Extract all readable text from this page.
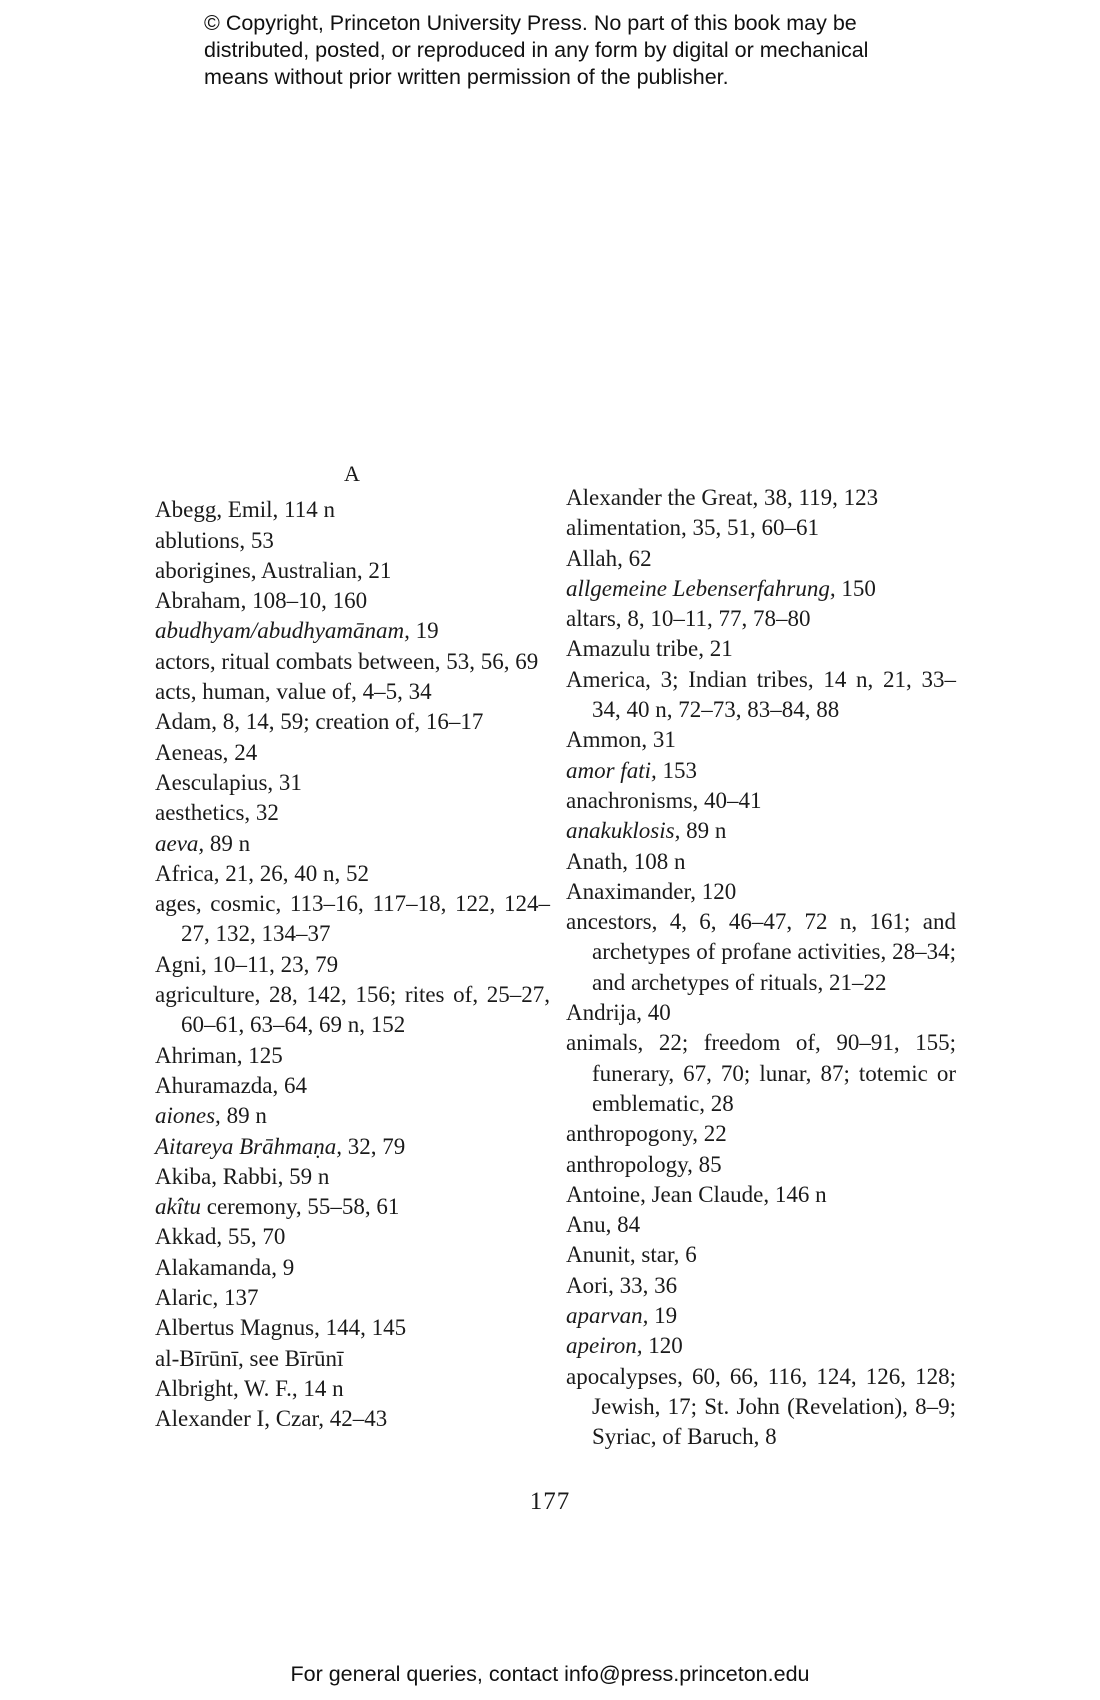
© Copyright, Princeton University Press. No part of this book may be distributed, posted, or reproduced in any form by digital or mechanical means without prior written permission of the publisher.
A
Abegg, Emil, 114 n
ablutions, 53
aborigines, Australian, 21
Abraham, 108–10, 160
abudhyam/abudhyamānam, 19
actors, ritual combats between, 53, 56, 69
acts, human, value of, 4–5, 34
Adam, 8, 14, 59; creation of, 16–17
Aeneas, 24
Aesculapius, 31
aesthetics, 32
aeva, 89 n
Africa, 21, 26, 40 n, 52
ages, cosmic, 113–16, 117–18, 122, 124–27, 132, 134–37
Agni, 10–11, 23, 79
agriculture, 28, 142, 156; rites of, 25–27, 60–61, 63–64, 69 n, 152
Ahriman, 125
Ahuramazda, 64
aiones, 89 n
Aitareya Brāhmaṇa, 32, 79
Akiba, Rabbi, 59 n
akîtu ceremony, 55–58, 61
Akkad, 55, 70
Alakamanda, 9
Alaric, 137
Albertus Magnus, 144, 145
al-Bīrūnī, see Bīrūnī
Albright, W. F., 14 n
Alexander I, Czar, 42–43
Alexander the Great, 38, 119, 123
alimentation, 35, 51, 60–61
Allah, 62
allgemeine Lebenserfahrung, 150
altars, 8, 10–11, 77, 78–80
Amazulu tribe, 21
America, 3; Indian tribes, 14 n, 21, 33–34, 40 n, 72–73, 83–84, 88
Ammon, 31
amor fati, 153
anachronisms, 40–41
anakuklosis, 89 n
Anath, 108 n
Anaximander, 120
ancestors, 4, 6, 46–47, 72 n, 161; and archetypes of profane activities, 28–34; and archetypes of rituals, 21–22
Andrija, 40
animals, 22; freedom of, 90–91, 155; funerary, 67, 70; lunar, 87; totemic or emblematic, 28
anthropogony, 22
anthropology, 85
Antoine, Jean Claude, 146 n
Anu, 84
Anunit, star, 6
Aori, 33, 36
aparvan, 19
apeiron, 120
apocalypses, 60, 66, 116, 124, 126, 128; Jewish, 17; St. John (Revelation), 8–9; Syriac, of Baruch, 8
177
For general queries, contact info@press.princeton.edu
